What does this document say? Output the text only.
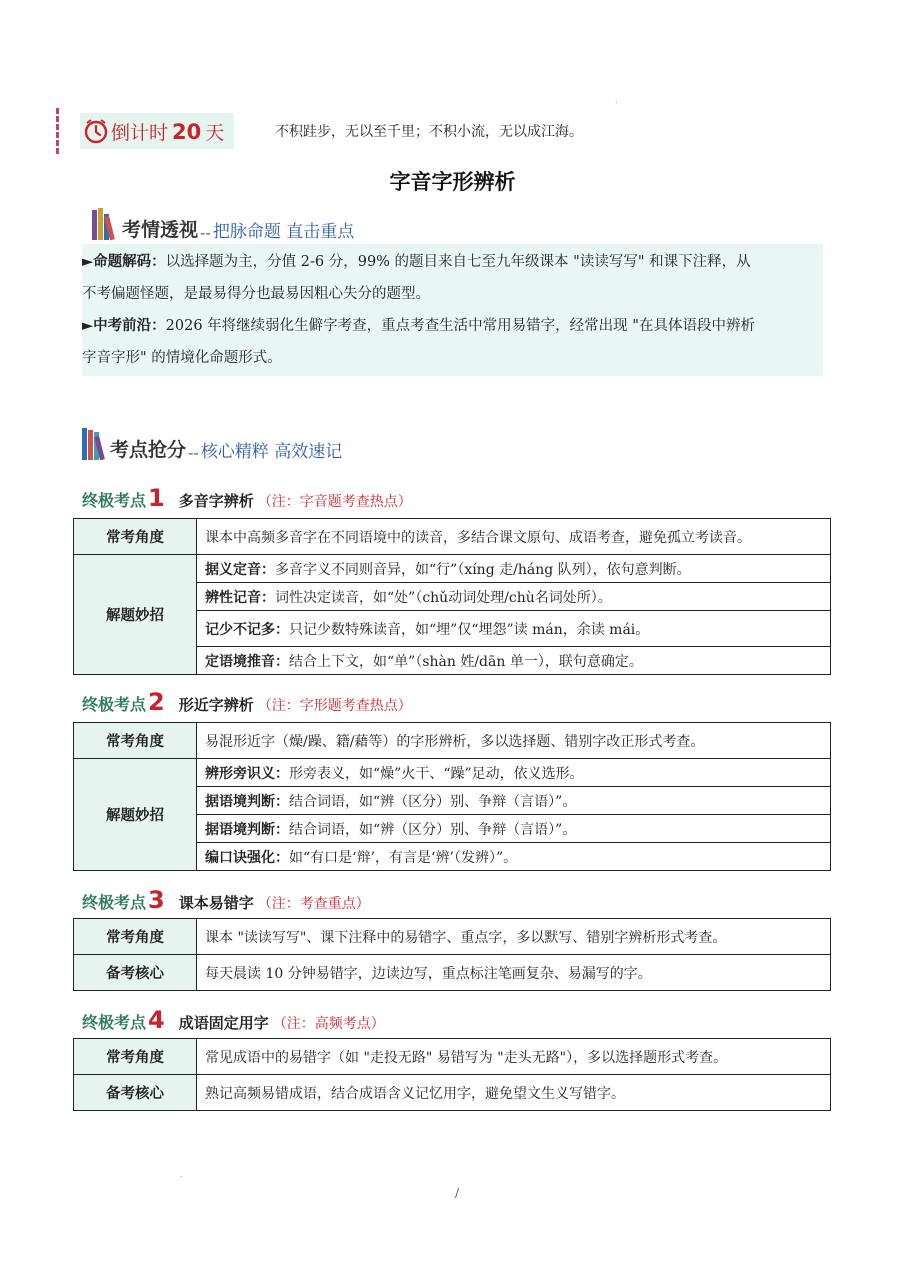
.
倒计时 20 天	不积跬步，无以至千里；不积小流，无以成江海。
字音字形辨析
考情透视 -- 把脉命题 直击重点

►命题解码：以选择题为主，分值 2-6 分，99% 的题目来自七至九年级课本 "读读写写" 和课下注释，从

不考偏题怪题，是最易得分也最易因粗心失分的题型。

►中考前沿：2026 年将继续弱化生僻字考查，重点考查生活中常用易错字，经常出现 "在具体语段中辨析

字音字形" 的情境化命题形式。

考点抢分 -- 核心精粹 高效速记
终极考点 1 多音字辨析 （注：字音题考查热点）
常考角度	课本中高频多音字在不同语境中的读音，多结合课文原句、成语考查，避免孤立考读音。
解题妙招	据义定音：多音字义不同则音异，如“行”（xíng 走/háng 队列），依句意判断。
	辨性记音：词性决定读音，如“处”（chǔ动词处理/chù名词处所）。
	记少不记多：只记少数特殊读音，如“埋”仅“埋怨”读 mán，余读 mái。
	定语境推音：结合上下文，如“单”（shàn 姓/dān 单一），联句意确定。
终极考点 2 形近字辨析 （注：字形题考查热点）
常考角度	易混形近字（燥/躁、籍/藉等）的字形辨析，多以选择题、错别字改正形式考查。
解题妙招	辨形旁识义：形旁表义，如“燥”火干、“躁”足动，依义选形。
	据语境判断：结合词语，如“辨（区分）别、争辩（言语）”。
	据语境判断：结合词语，如“辨（区分）别、争辩（言语）”。
	编口诀强化：如“有口是‘辩’，有言是‘辨’（发辨）”。
终极考点 3 课本易错字 （注：考查重点）
常考角度	课本 "读读写写"、课下注释中的易错字、重点字，多以默写、错别字辨析形式考查。
备考核心	每天晨读 10 分钟易错字，边读边写，重点标注笔画复杂、易漏写的字。
终极考点 4 成语固定用字 （注：高频考点）
常考角度	常见成语中的易错字（如 "走投无路" 易错写为 "走头无路"），多以选择题形式考查。
备考核心	熟记高频易错成语，结合成语含义记忆用字，避免望文生义写错字。
.
/
